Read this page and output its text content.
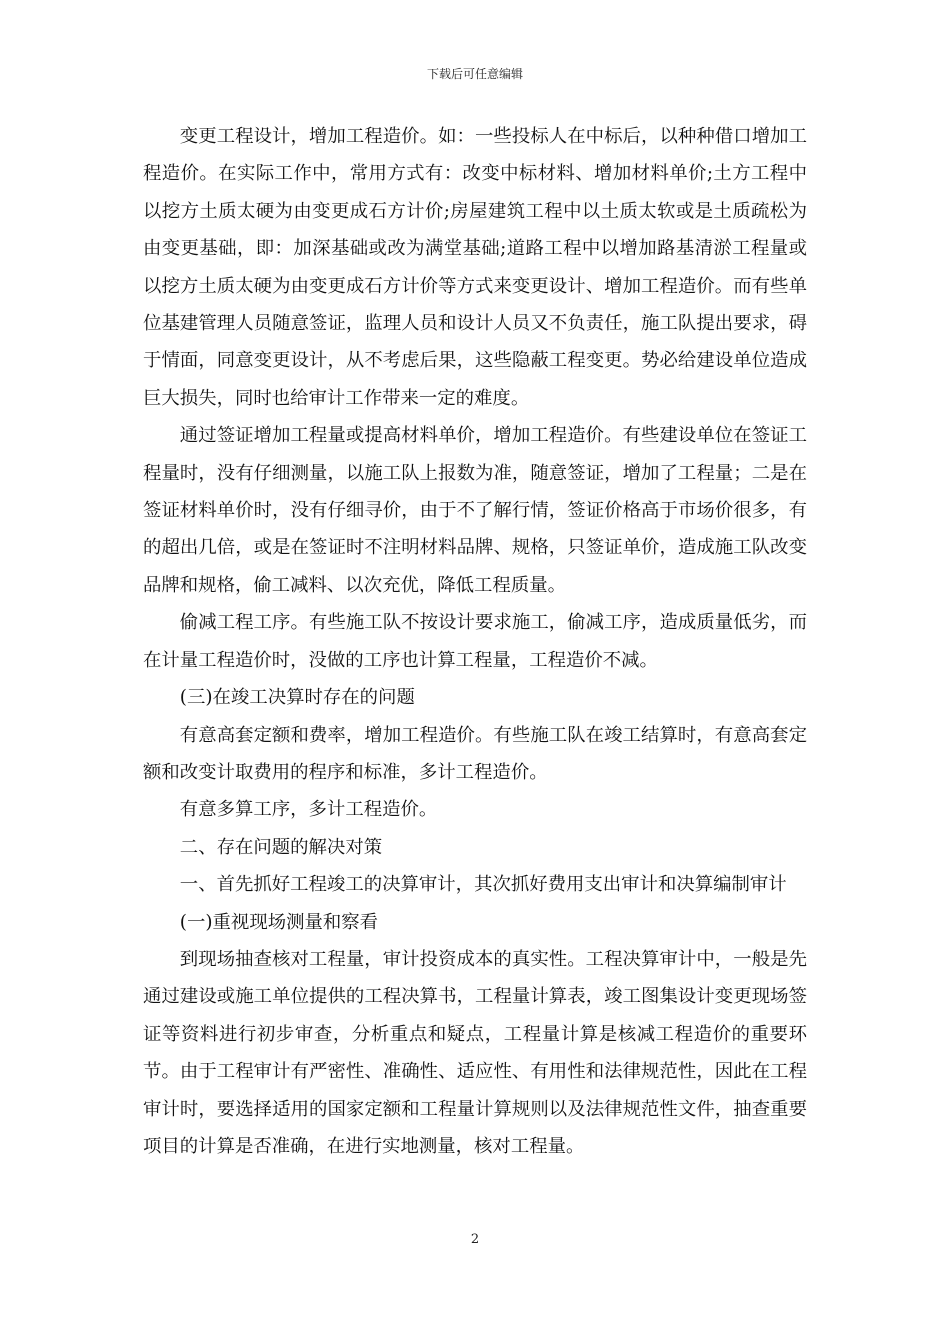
下载后可任意编辑

变更工程设计，增加工程造价。如：一些投标人在中标后，以种种借口增加工程造价。在实际工作中，常用方式有：改变中标材料、增加材料单价;土方工程中以挖方土质太硬为由变更成石方计价;房屋建筑工程中以土质太软或是土质疏松为由变更基础，即：加深基础或改为满堂基础;道路工程中以增加路基清淤工程量或以挖方土质太硬为由变更成石方计价等方式来变更设计、增加工程造价。而有些单位基建管理人员随意签证，监理人员和设计人员又不负责任，施工队提出要求，碍于情面，同意变更设计，从不考虑后果，这些隐蔽工程变更。势必给建设单位造成巨大损失，同时也给审计工作带来一定的难度。

通过签证增加工程量或提高材料单价，增加工程造价。有些建设单位在签证工程量时，没有仔细测量，以施工队上报数为准，随意签证，增加了工程量；二是在签证材料单价时，没有仔细寻价，由于不了解行情，签证价格高于市场价很多，有的超出几倍，或是在签证时不注明材料品牌、规格，只签证单价，造成施工队改变品牌和规格，偷工减料、以次充优，降低工程质量。

偷减工程工序。有些施工队不按设计要求施工，偷减工序，造成质量低劣，而在计量工程造价时，没做的工序也计算工程量，工程造价不减。

(三)在竣工决算时存在的问题

有意高套定额和费率，增加工程造价。有些施工队在竣工结算时，有意高套定额和改变计取费用的程序和标准，多计工程造价。

有意多算工序，多计工程造价。

二、存在问题的解决对策

一、首先抓好工程竣工的决算审计，其次抓好费用支出审计和决算编制审计

(一)重视现场测量和察看

到现场抽查核对工程量，审计投资成本的真实性。工程决算审计中，一般是先通过建设或施工单位提供的工程决算书，工程量计算表，竣工图集设计变更现场签证等资料进行初步审查，分析重点和疑点，工程量计算是核减工程造价的重要环节。由于工程审计有严密性、准确性、适应性、有用性和法律规范性，因此在工程审计时，要选择适用的国家定额和工程量计算规则以及法律规范性文件，抽查重要项目的计算是否准确，在进行实地测量，核对工程量。

2
